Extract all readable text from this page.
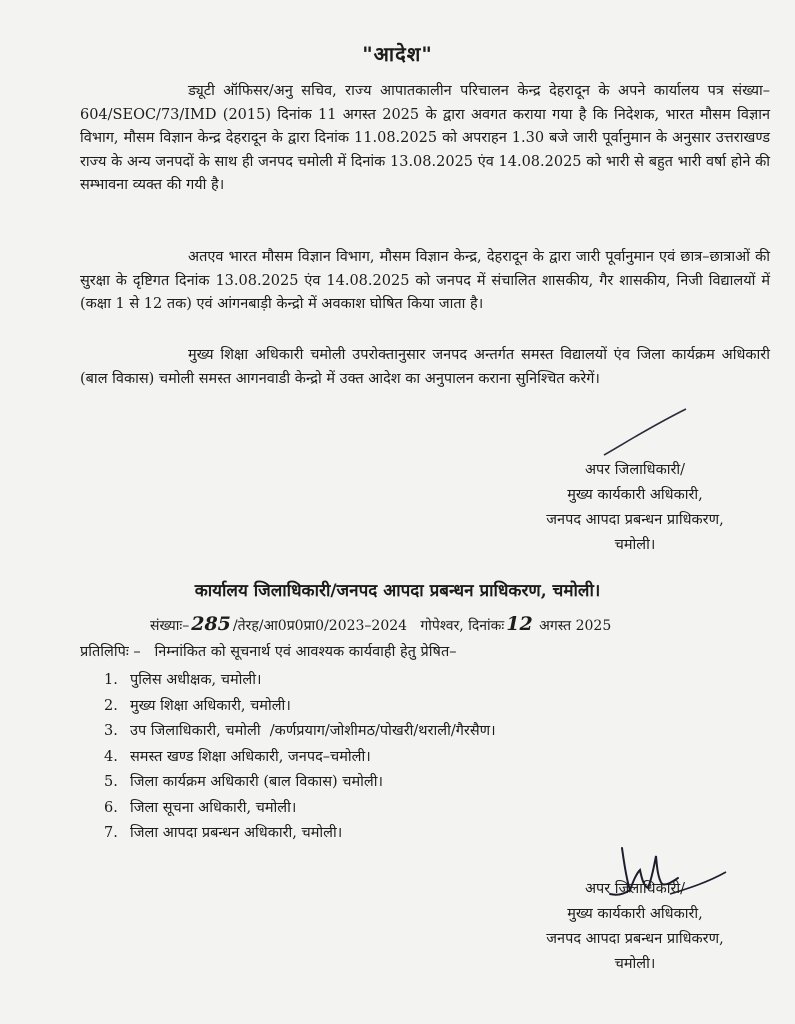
"आदेश"
ड्यूटी ऑफिसर/अनु सचिव, राज्य आपातकालीन परिचालन केन्द्र देहरादून के अपने कार्यालय पत्र संख्या–604/SEOC/73/IMD (2015) दिनांक 11 अगस्त 2025 के द्वारा अवगत कराया गया है कि निदेशक, भारत मौसम विज्ञान विभाग, मौसम विज्ञान केन्द्र देहरादून के द्वारा दिनांक 11.08.2025 को अपराहन 1.30 बजे जारी पूर्वानुमान के अनुसार उत्तराखण्ड राज्य के अन्य जनपदों के साथ ही जनपद चमोली में दिनांक 13.08.2025 एंव 14.08.2025 को भारी से बहुत भारी वर्षा होने की सम्भावना व्यक्त की गयी है।
अतएव भारत मौसम विज्ञान विभाग, मौसम विज्ञान केन्द्र, देहरादून के द्वारा जारी पूर्वानुमान एवं छात्र–छात्राओं की सुरक्षा के दृष्टिगत दिनांक 13.08.2025 एंव 14.08.2025 को जनपद में संचालित शासकीय, गैर शासकीय, निजी विद्यालयों में (कक्षा 1 से 12 तक) एवं आंगनबाड़ी केन्द्रो में अवकाश घोषित किया जाता है।
मुख्य शिक्षा अधिकारी चमोली उपरोक्तानुसार जनपद अन्तर्गत समस्त विद्यालयों एंव जिला कार्यक्रम अधिकारी (बाल विकास) चमोली समस्त आगनवाडी केन्द्रो में उक्त आदेश का अनुपालन कराना सुनिश्चित करेगें।
अपर जिलाधिकारी/
मुख्य कार्यकारी अधिकारी,
जनपद आपदा प्रबन्धन प्राधिकरण,
चमोली।
कार्यालय जिलाधिकारी/जनपद आपदा प्रबन्धन प्राधिकरण, चमोली।
संख्याः– 285 /तेरह/आ0प्र0प्रा0/2023–2024   गोपेश्वर, दिनांकः 12 अगस्त 2025
प्रतिलिपिः –   निम्नांकित को सूचनार्थ एवं आवश्यक कार्यवाही हेतु प्रेषित–
1. पुलिस अधीक्षक, चमोली।
2. मुख्य शिक्षा अधिकारी, चमोली।
3. उप जिलाधिकारी, चमोली  /कर्णप्रयाग/जोशीमठ/पोखरी/थराली/गैरसैण।
4. समस्त खण्ड शिक्षा अधिकारी, जनपद–चमोली।
5. जिला कार्यक्रम अधिकारी (बाल विकास) चमोली।
6. जिला सूचना अधिकारी, चमोली।
7. जिला आपदा प्रबन्धन अधिकारी, चमोली।
अपर जिलाधिकारी/
मुख्य कार्यकारी अधिकारी,
जनपद आपदा प्रबन्धन प्राधिकरण,
चमोली।
